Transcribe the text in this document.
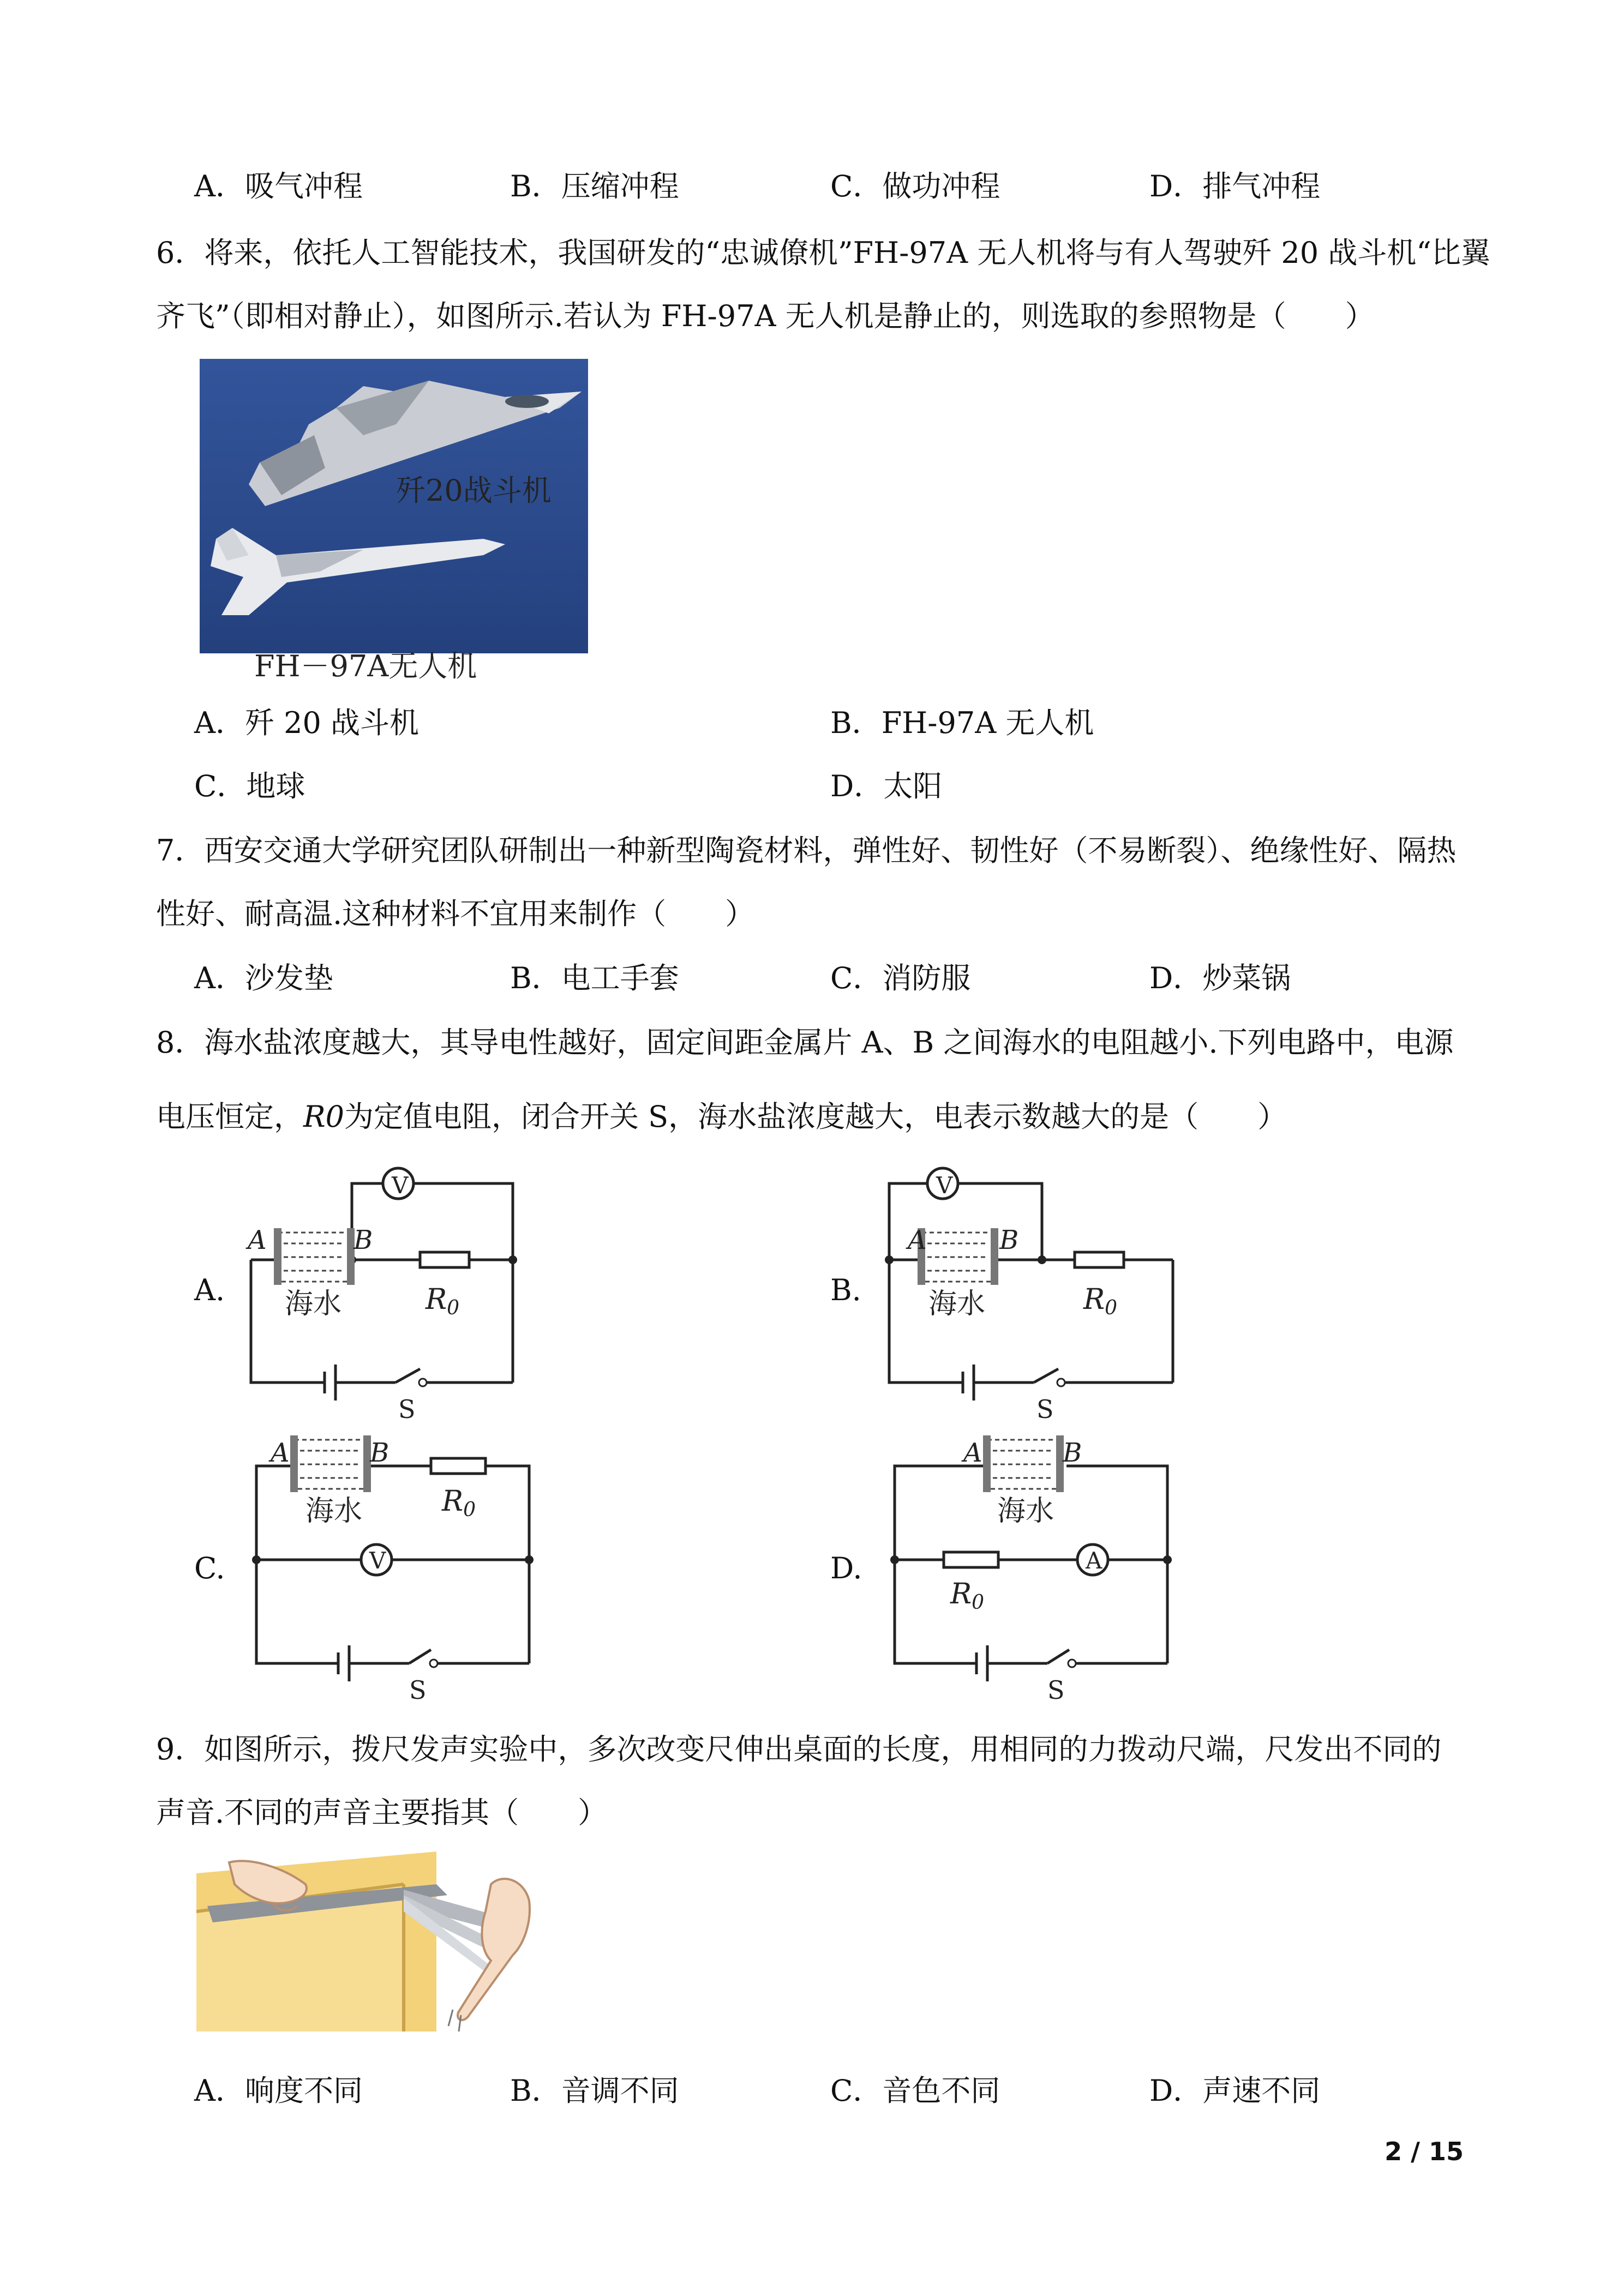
A．吸气冲程	B．压缩冲程	C．做功冲程	D．排气冲程
6．将来，依托人工智能技术，我国研发的“忠诚僚机”FH-97A 无人机将与有人驾驶歼 20 战斗机“比翼
齐飞”（即相对静止），如图所示.若认为 FH-97A 无人机是静止的，则选取的参照物是（　　）
歼20战斗机
FH－97A无人机
A．歼 20 战斗机	B．FH-97A 无人机
C．地球	D．太阳
7．西安交通大学研究团队研制出一种新型陶瓷材料，弹性好、韧性好（不易断裂）、绝缘性好、隔热
性好、耐高温.这种材料不宜用来制作（　　）
A．沙发垫	B．电工手套	C．消防服	D．炒菜锅
8．海水盐浓度越大，其导电性越好，固定间距金属片 A、B 之间海水的电阻越小.下列电路中，电源
电压恒定，R0为定值电阻，闭合开关 S，海水盐浓度越大，电表示数越大的是（　　）
A.	B.
C.	D.
A	B
海水	R0
V
S
A	B
海水	R0
V
S
A	B
海水	R0
V
S
A	B
海水
R0
A
S
9．如图所示，拨尺发声实验中，多次改变尺伸出桌面的长度，用相同的力拨动尺端，尺发出不同的
声音.不同的声音主要指其（　　）
A．响度不同	B．音调不同	C．音色不同	D．声速不同
2 / 15
